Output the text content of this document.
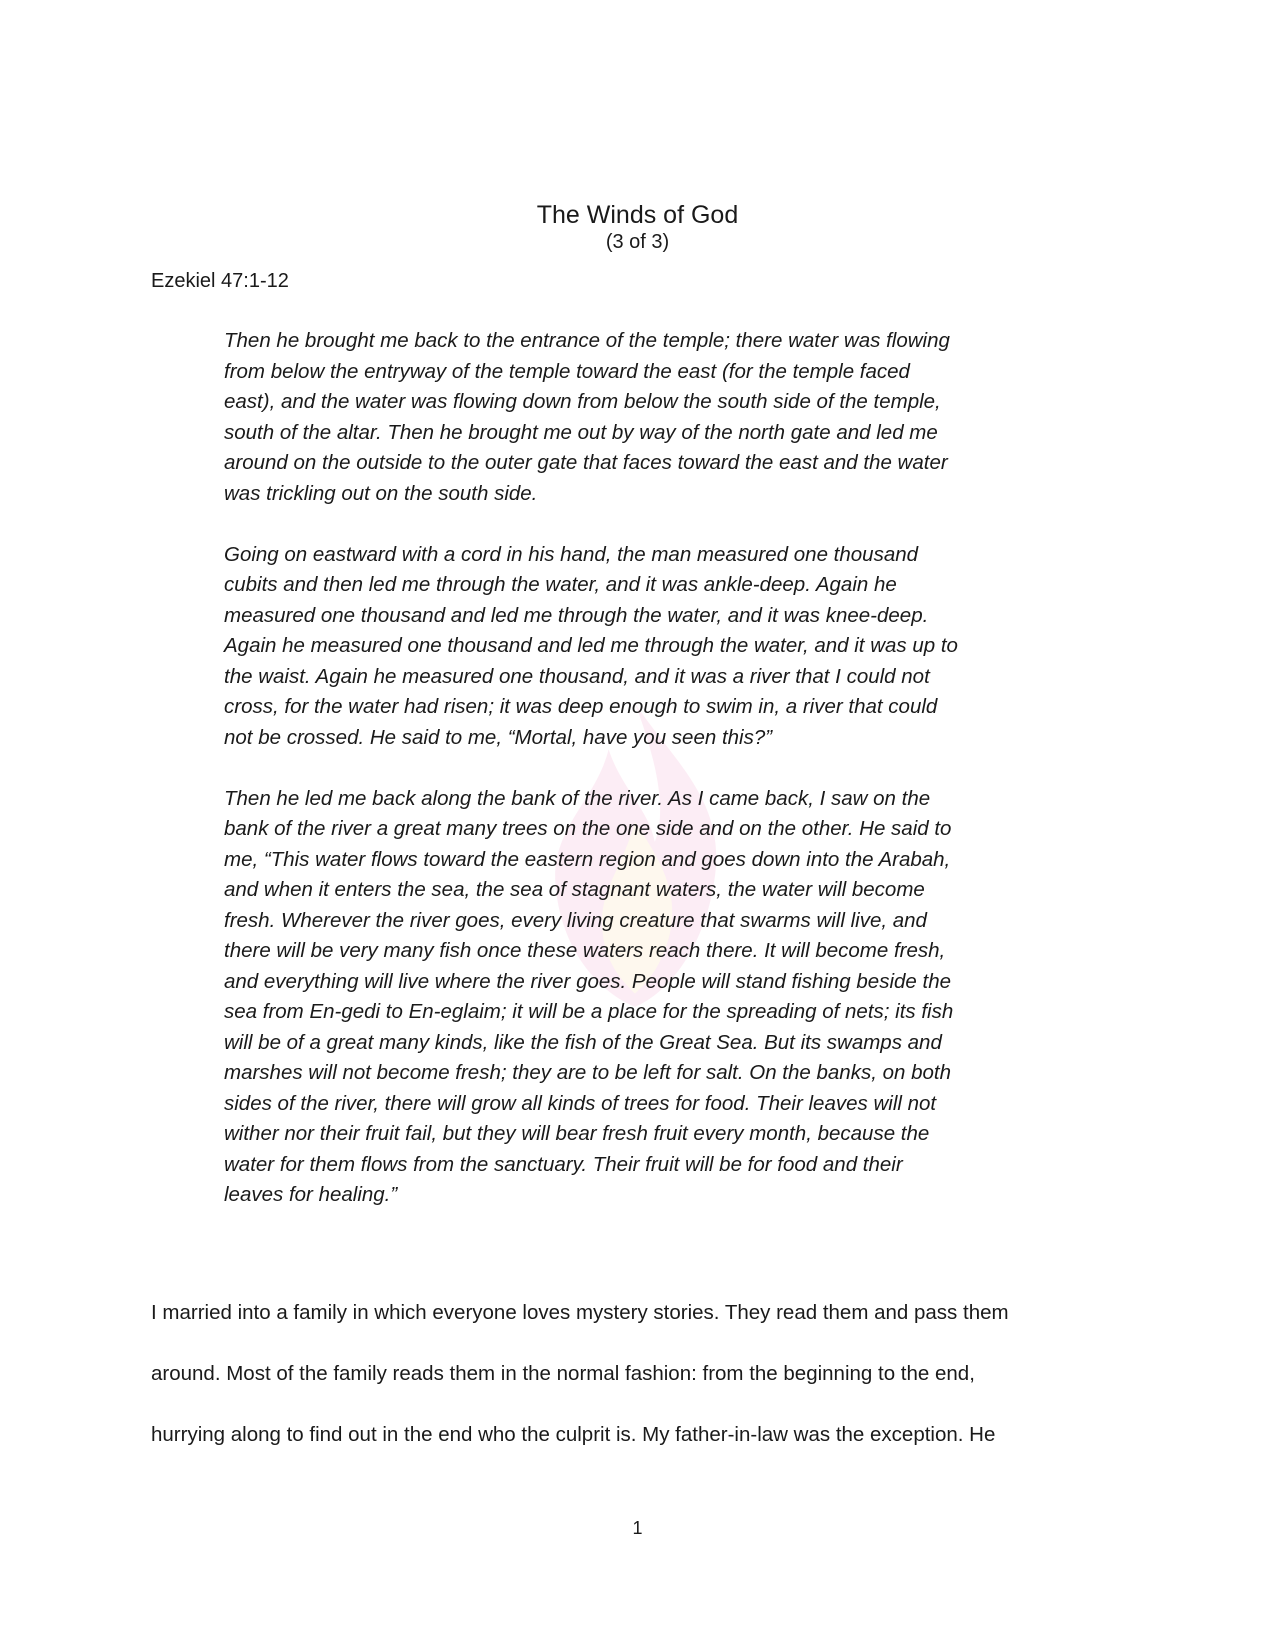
The Winds of God
(3 of 3)
Ezekiel 47:1-12

Then he brought me back to the entrance of the temple; there water was flowing
from below the entryway of the temple toward the east (for the temple faced
east), and the water was flowing down from below the south side of the temple,
south of the altar. Then he brought me out by way of the north gate and led me
around on the outside to the outer gate that faces toward the east and the water
was trickling out on the south side.

Going on eastward with a cord in his hand, the man measured one thousand
cubits and then led me through the water, and it was ankle-deep. Again he
measured one thousand and led me through the water, and it was knee-deep.
Again he measured one thousand and led me through the water, and it was up to
the waist. Again he measured one thousand, and it was a river that I could not
cross, for the water had risen; it was deep enough to swim in, a river that could
not be crossed. He said to me, “Mortal, have you seen this?”

Then he led me back along the bank of the river. As I came back, I saw on the
bank of the river a great many trees on the one side and on the other. He said to
me, “This water flows toward the eastern region and goes down into the Arabah,
and when it enters the sea, the sea of stagnant waters, the water will become
fresh. Wherever the river goes, every living creature that swarms will live, and
there will be very many fish once these waters reach there. It will become fresh,
and everything will live where the river goes. People will stand fishing beside the
sea from En-gedi to En-eglaim; it will be a place for the spreading of nets; its fish
will be of a great many kinds, like the fish of the Great Sea. But its swamps and
marshes will not become fresh; they are to be left for salt. On the banks, on both
sides of the river, there will grow all kinds of trees for food. Their leaves will not
wither nor their fruit fail, but they will bear fresh fruit every month, because the
water for them flows from the sanctuary. Their fruit will be for food and their
leaves for healing.”

I married into a family in which everyone loves mystery stories. They read them and pass them
around. Most of the family reads them in the normal fashion: from the beginning to the end,
hurrying along to find out in the end who the culprit is. My father-in-law was the exception. He
1
